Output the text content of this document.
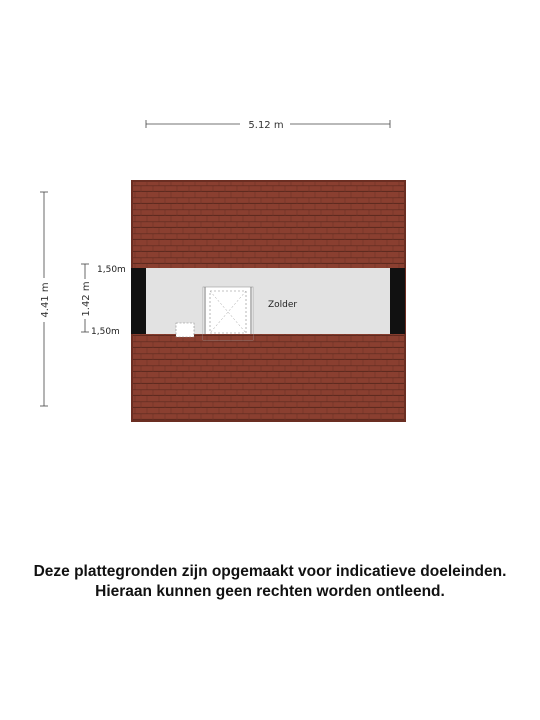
5.12 m
4.41 m	1.42 m
1,50m
1,50m
Zolder
Deze plattegronden zijn opgemaakt voor indicatieve doeleinden.
Hieraan kunnen geen rechten worden ontleend.
